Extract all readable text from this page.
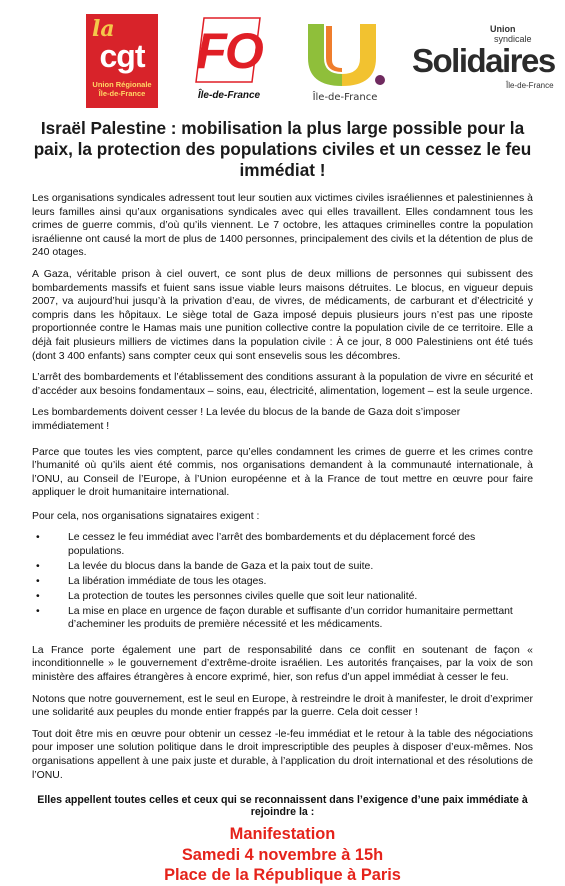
la
cgt
Union Régionale
Île-de-France
FO
Île-de-France	Île-de-France
Union
syndicale
Solidaires
Île-de-France
Israël Palestine : mobilisation la plus large possible pour la paix, la protection des populations civiles et un cessez le feu immédiat !

Les organisations syndicales adressent tout leur soutien aux victimes civiles israéliennes et palestiniennes à leurs familles ainsi qu’aux organisations syndicales avec qui elles travaillent. Elles condamnent tous les crimes de guerre commis, d’où qu’ils viennent. Le 7 octobre, les attaques criminelles contre la population israélienne ont causé la mort de plus de 1400 personnes, principalement des civils et la détention de plus de 240 otages.

A Gaza, véritable prison à ciel ouvert, ce sont plus de deux millions de personnes qui subissent des bombardements massifs et fuient sans issue viable leurs maisons détruites. Le blocus, en vigueur depuis 2007, va aujourd’hui jusqu’à la privation d’eau, de vivres, de médicaments, de carburant et d’électricité y compris dans les hôpitaux. Le siège total de Gaza imposé depuis plusieurs jours n’est pas une riposte proportionnée contre le Hamas mais une punition collective contre la population civile de ce territoire. Elle a déjà fait plusieurs milliers de victimes dans la population civile : À ce jour, 8 000 Palestiniens ont été tués (dont 3 400 enfants) sans compter ceux qui sont ensevelis sous les décombres.

L’arrêt des bombardements et l’établissement des conditions assurant à la population de vivre en sécurité et d’accéder aux besoins fondamentaux – soins, eau, électricité, alimentation, logement – est la seule urgence.

Les bombardements doivent cesser ! La levée du blocus de la bande de Gaza doit s’imposer immédiatement !

Parce que toutes les vies comptent, parce qu’elles condamnent les crimes de guerre et les crimes contre l’humanité où qu’ils aient été commis, nos organisations demandent à la communauté internationale, à l’ONU, au Conseil de l’Europe, à l’Union européenne et à la France de tout mettre en œuvre pour faire appliquer le droit humanitaire international.

Pour cela, nos organisations signataires exigent :

•	Le cessez le feu immédiat avec l’arrêt des bombardements et du déplacement forcé des populations.
•	La levée du blocus dans la bande de Gaza et la paix tout de suite.
•	La libération immédiate de tous les otages.
•	La protection de toutes les personnes civiles quelle que soit leur nationalité.
•	La mise en place en urgence de façon durable et suffisante d’un corridor humanitaire permettant d’acheminer les produits de première nécessité et les médicaments.

La France porte également une part de responsabilité dans ce conflit en soutenant de façon « inconditionnelle » le gouvernement d’extrême-droite israélien. Les autorités françaises, par la voix de son ministère des affaires étrangères à encore exprimé, hier, son refus d’un appel immédiat à cesser le feu.

Notons que notre gouvernement, est le seul en Europe, à restreindre le droit à manifester, le droit d’exprimer une solidarité aux peuples du monde entier frappés par la guerre. Cela doit cesser !

Tout doit être mis en œuvre pour obtenir un cessez -le-feu immédiat et le retour à la table des négociations pour imposer une solution politique dans le droit imprescriptible des peuples à disposer d’eux-mêmes. Nos organisations appellent à une paix juste et durable, à l’application du droit international et des résolutions de l’ONU.

Elles appellent toutes celles et ceux qui se reconnaissent dans l’exigence d’une paix immédiate à rejoindre la :
Manifestation
Samedi 4 novembre à 15h
Place de la République à Paris
